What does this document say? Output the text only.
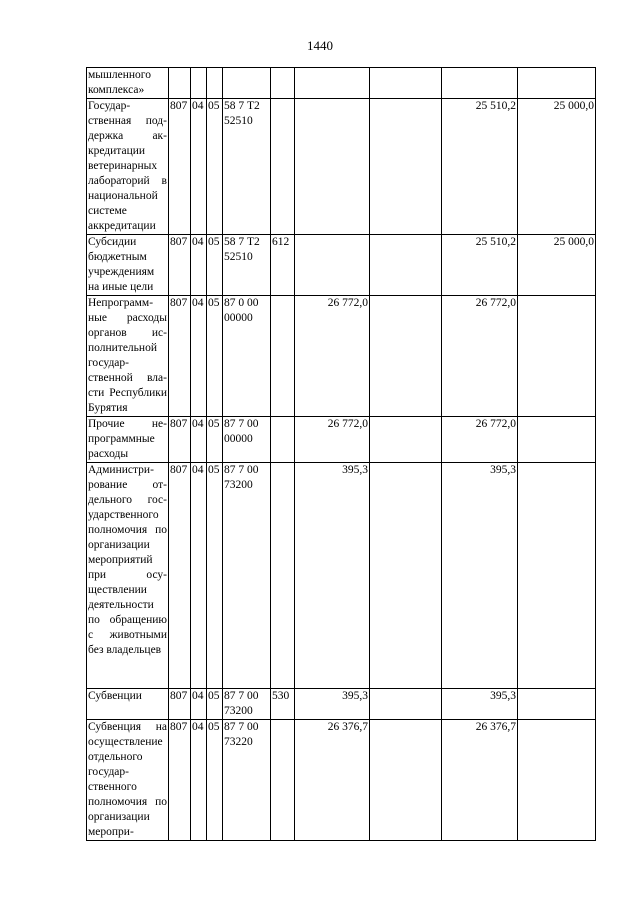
1440
мышленного комплекса»									
Государственная поддержка аккредитации ветеринарных лабораторий в национальной системе аккредитации	807	04	05	58 7 Т2 52510				25 510,2	25 000,0
Субсидии бюджетным учреждениям на иные цели	807	04	05	58 7 Т2 52510	612			25 510,2	25 000,0
Непрограммные расходы органов исполнительной государственной власти Республики Бурятия	807	04	05	87 0 00 00000		26 772,0		26 772,0	
Прочие непрограммные расходы	807	04	05	87 7 00 00000		26 772,0		26 772,0	
Администрирование отдельного государственного полномочия по организации мероприятий при осуществлении деятельности по обращению с животными без владельцев	807	04	05	87 7 00 73200		395,3		395,3	
Субвенции	807	04	05	87 7 00 73200	530	395,3		395,3	
Субвенция на осуществление отдельного государственного полномочия по организации меропри-	807	04	05	87 7 00 73220		26 376,7		26 376,7	
